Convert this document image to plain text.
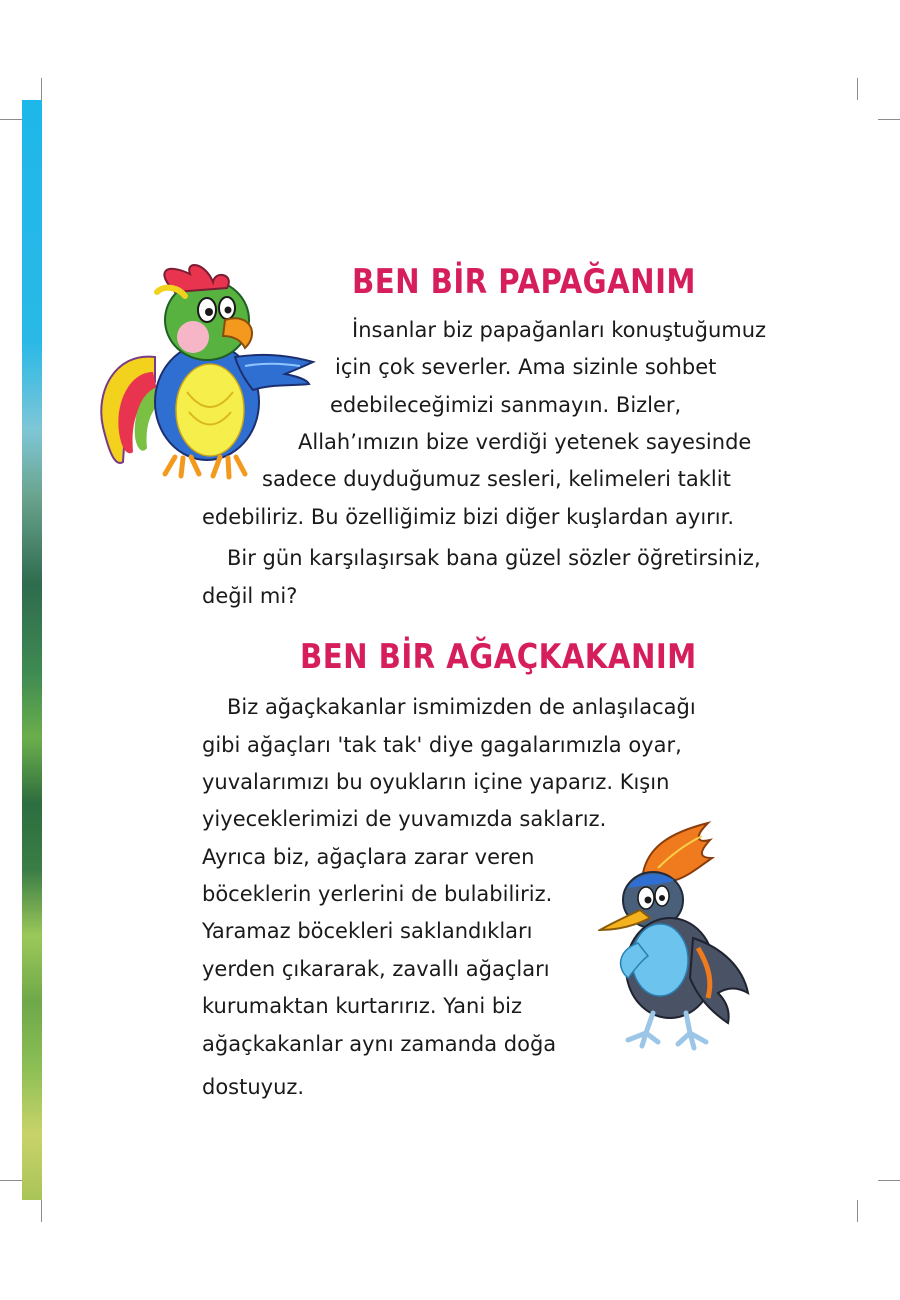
BEN BİR PAPAĞANIM
İnsanlar biz papağanları konuştuğumuz
için çok severler. Ama sizinle sohbet
edebileceğimizi sanmayın. Bizler,
Allah’ımızın bize verdiği yetenek sayesinde
sadece duyduğumuz sesleri, kelimeleri taklit
edebiliriz. Bu özelliğimiz bizi diğer kuşlardan ayırır.
Bir gün karşılaşırsak bana güzel sözler öğretirsiniz,
değil mi?
BEN BİR AĞAÇKAKANIM
Biz ağaçkakanlar ismimizden de anlaşılacağı
gibi ağaçları 'tak tak' diye gagalarımızla oyar,
yuvalarımızı bu oyukların içine yaparız. Kışın
yiyeceklerimizi de yuvamızda saklarız.
Ayrıca biz, ağaçlara zarar veren
böceklerin yerlerini de bulabiliriz.
Yaramaz böcekleri saklandıkları
yerden çıkararak, zavallı ağaçları
kurumaktan kurtarırız. Yani biz
ağaçkakanlar aynı zamanda doğa
dostuyuz.
